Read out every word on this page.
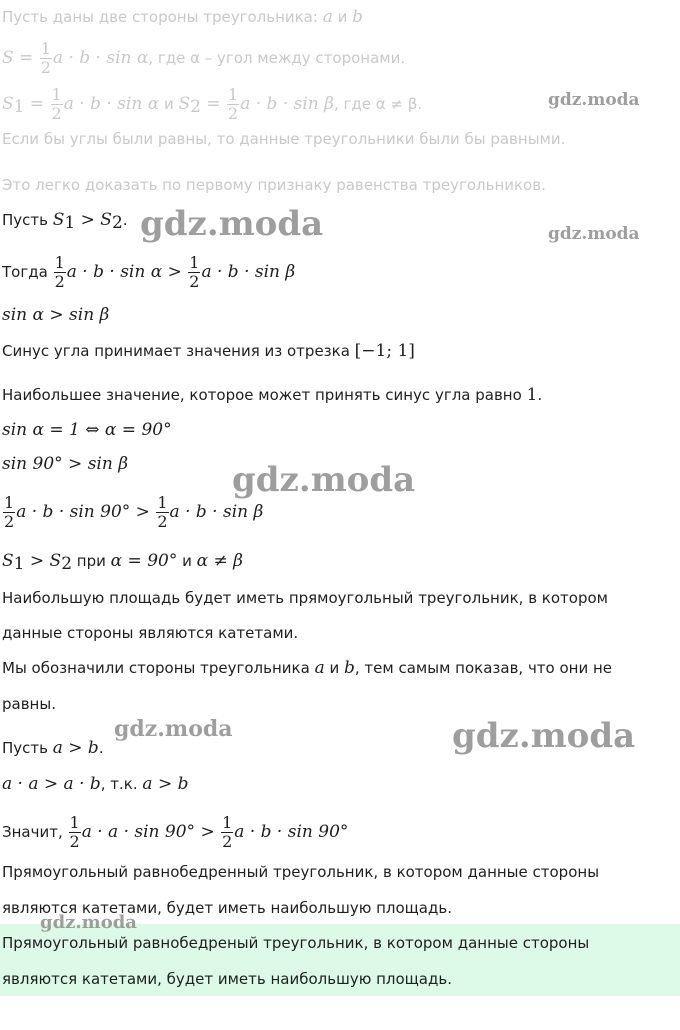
Пусть даны две стороны треугольника: a и b
$S = \frac{1}{2}$ a · b · sin α, где α – угол между сторонами.
$S_1 = \frac{1}{2}$ a · b · sin α и $S_2 = \frac{1}{2}$ a · b · sin β, где α ≠ β.
Если бы углы были равны, то данные треугольники были бы равными.
Это легко доказать по первому признаку равенства треугольников.
Пусть $S_1 > S_2$.
Тогда $\frac{1}{2}$ $a \cdot b \cdot \sin \alpha > \frac{1}{2}$ a · b · sin β
sin α > sin β
Синус угла принимает значения из отрезка [−1; 1]
Наибольшее значение, которое может принять синус угла равно 1.
sin α = 1 ⇔ α = 90°
sin 90° > sin β
$\frac{1}{2}$ $a \cdot b \cdot \sin 90^\circ > \frac{1}{2}$ a · b · sin β
$S_1 > S_2$ при α = 90° и α ≠ β
Наибольшую площадь будет иметь прямоугольный треугольник, в котором
данные стороны являются катетами.
Мы обозначили стороны треугольника a и b, тем самым показав, что они не
равны.
Пусть a > b.
a · a > a · b, т.к. a > b
Значит, $\frac{1}{2}$ $a \cdot a \cdot \sin 90^\circ > \frac{1}{2}$ a · b · sin 90°
Прямоугольный равнобедренный треугольник, в котором данные стороны
являются катетами, будет иметь наибольшую площадь.
Прямоугольный равнобедреный треугольник, в котором данные стороны
являются катетами, будет иметь наибольшую площадь.
gdz.moda
gdz.moda	gdz.moda
gdz.moda
gdz.moda	gdz.moda
gdz.moda
